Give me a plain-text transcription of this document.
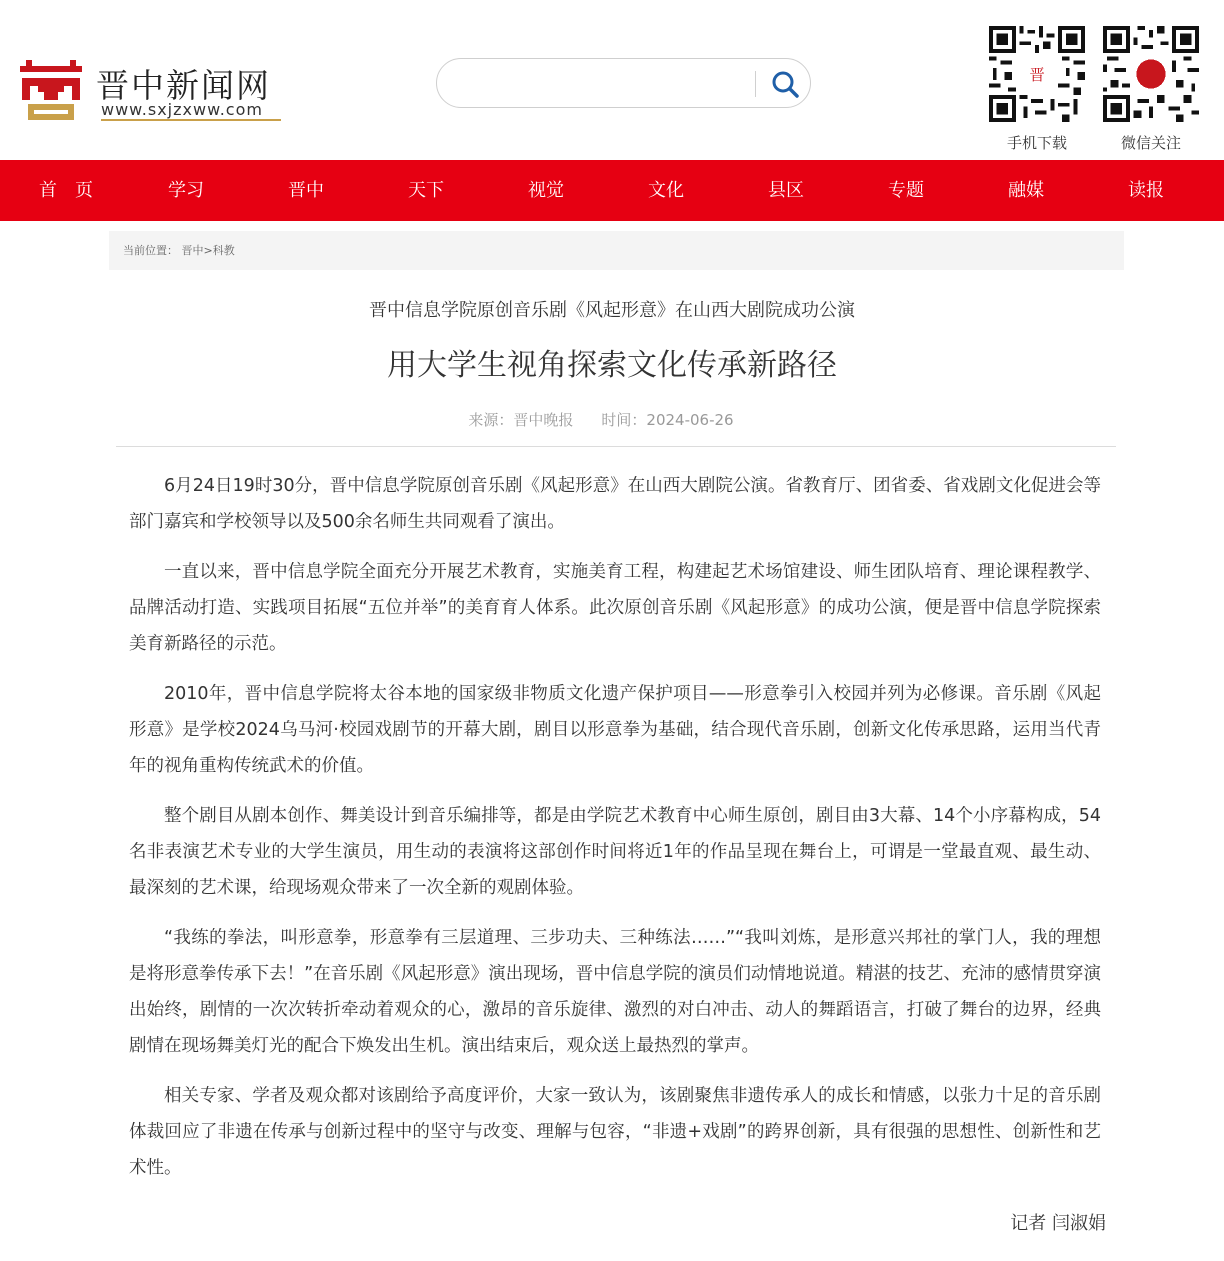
晋中新闻网
www.sxjzxww.com
晋
手机下载	微信关注
首　页	学习	晋中	天下	视觉	文化	县区	专题	融媒	读报
当前位置： 晋中>科教
晋中信息学院原创音乐剧《风起形意》在山西大剧院成功公演
用大学生视角探索文化传承新路径
来源：晋中晚报 时间：2024-06-26

6月24日19时30分，晋中信息学院原创音乐剧《风起形意》在山西大剧院公演。省教育厅、团省委、省戏剧文化促进会等部门嘉宾和学校领导以及500余名师生共同观看了演出。

一直以来，晋中信息学院全面充分开展艺术教育，实施美育工程，构建起艺术场馆建设、师生团队培育、理论课程教学、品牌活动打造、实践项目拓展“五位并举”的美育育人体系。此次原创音乐剧《风起形意》的成功公演，便是晋中信息学院探索美育新路径的示范。

2010年，晋中信息学院将太谷本地的国家级非物质文化遗产保护项目——形意拳引入校园并列为必修课。音乐剧《风起形意》是学校2024乌马河·校园戏剧节的开幕大剧，剧目以形意拳为基础，结合现代音乐剧，创新文化传承思路，运用当代青年的视角重构传统武术的价值。

整个剧目从剧本创作、舞美设计到音乐编排等，都是由学院艺术教育中心师生原创，剧目由3大幕、14个小序幕构成，54名非表演艺术专业的大学生演员，用生动的表演将这部创作时间将近1年的作品呈现在舞台上，可谓是一堂最直观、最生动、最深刻的艺术课，给现场观众带来了一次全新的观剧体验。

“我练的拳法，叫形意拳，形意拳有三层道理、三步功夫、三种练法……”“我叫刘炼，是形意兴邦社的掌门人，我的理想是将形意拳传承下去！”在音乐剧《风起形意》演出现场，晋中信息学院的演员们动情地说道。精湛的技艺、充沛的感情贯穿演出始终，剧情的一次次转折牵动着观众的心，激昂的音乐旋律、激烈的对白冲击、动人的舞蹈语言，打破了舞台的边界，经典剧情在现场舞美灯光的配合下焕发出生机。演出结束后，观众送上最热烈的掌声。

相关专家、学者及观众都对该剧给予高度评价，大家一致认为，该剧聚焦非遗传承人的成长和情感，以张力十足的音乐剧体裁回应了非遗在传承与创新过程中的坚守与改变、理解与包容，“非遗+戏剧”的跨界创新，具有很强的思想性、创新性和艺术性。

记者 闫淑娟
